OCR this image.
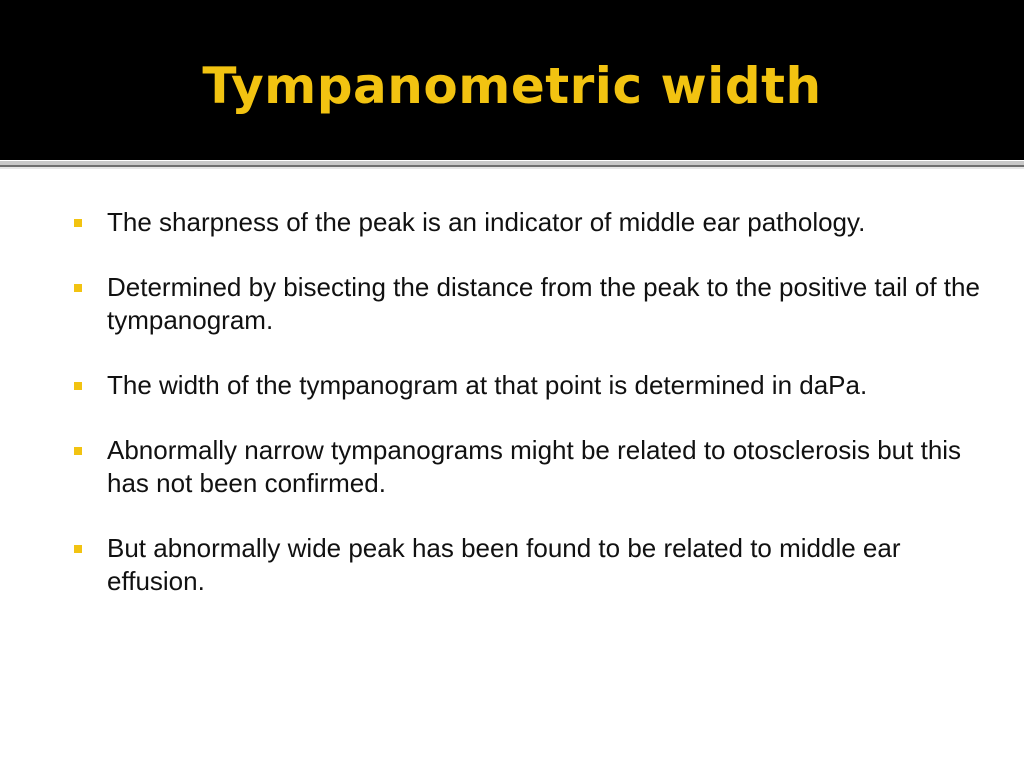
Tympanometric width
The sharpness of the peak is an indicator of middle ear pathology.
Determined by bisecting the distance from the peak to the positive tail of the tympanogram.
The width of the tympanogram at that point is determined in daPa.
Abnormally narrow tympanograms might be related to otosclerosis but this has not been confirmed.
But abnormally wide peak has been found to be related to middle ear effusion.
